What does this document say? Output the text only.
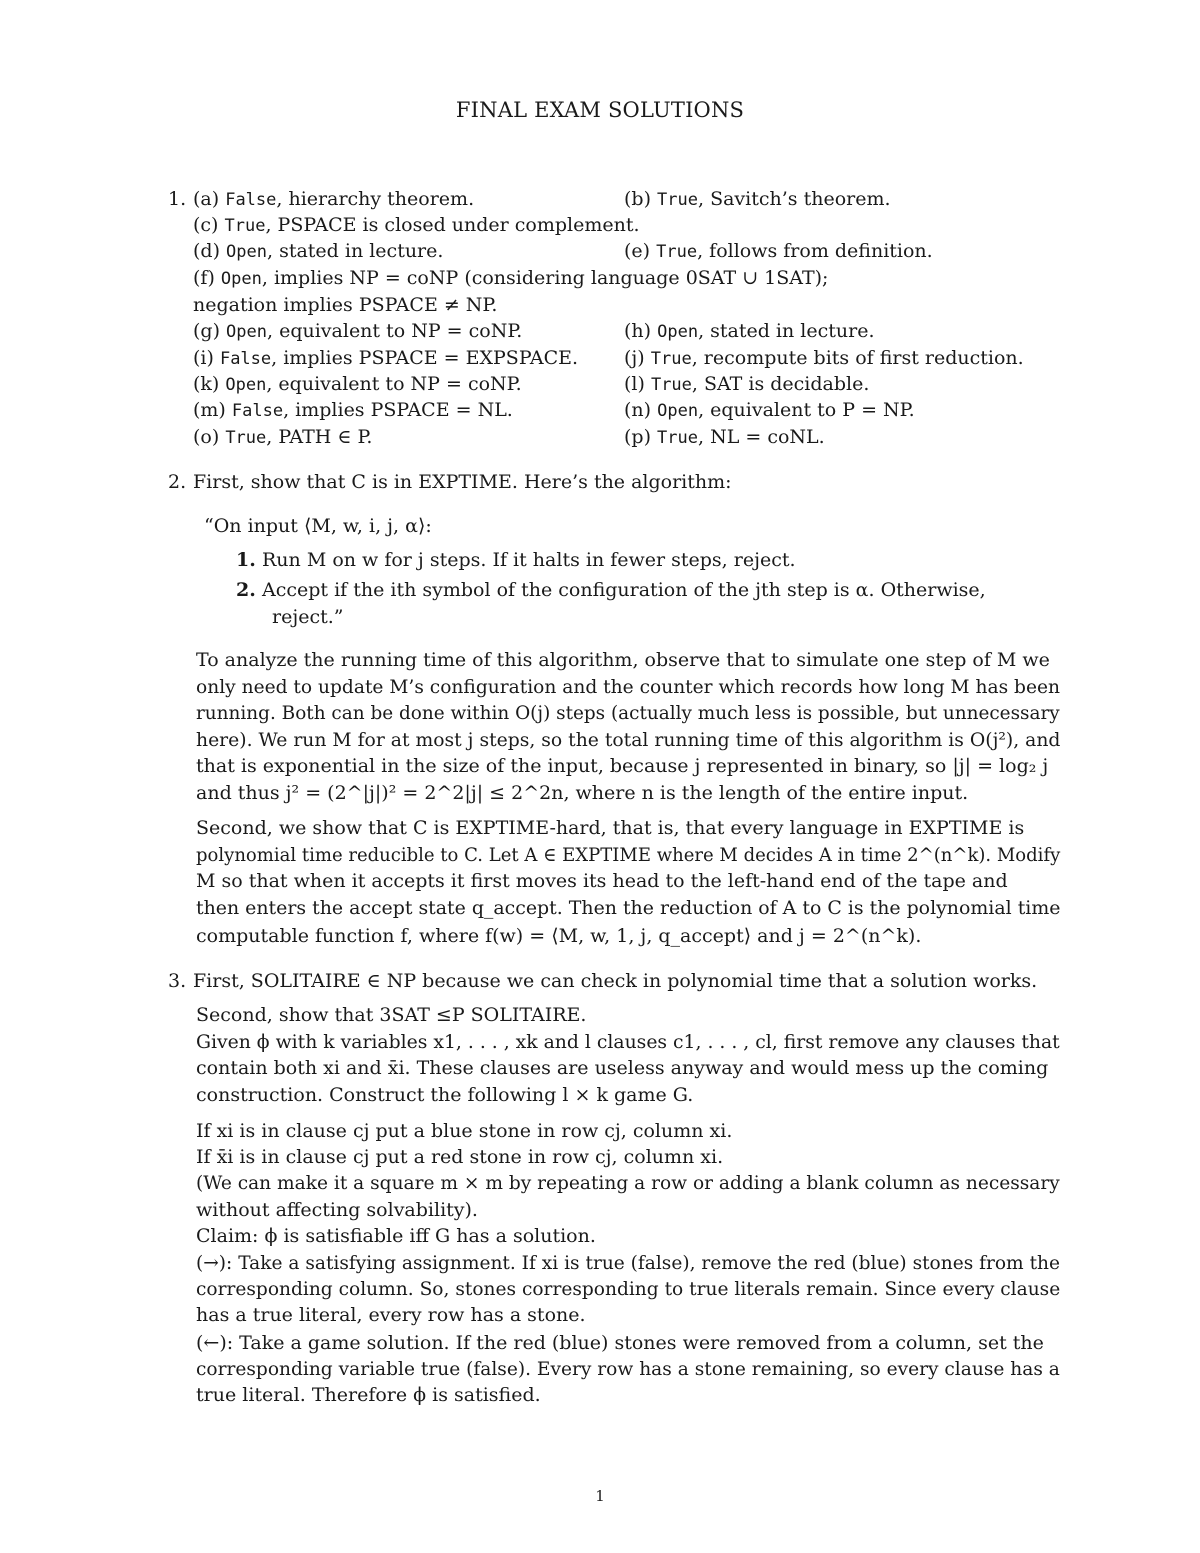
FINAL EXAM SOLUTIONS
1. (a) False, hierarchy theorem.	(b) True, Savitch’s theorem.
(c) True, PSPACE is closed under complement.
(d) Open, stated in lecture.	(e) True, follows from definition.
(f) Open, implies NP = coNP (considering language 0SAT ∪ 1SAT);
negation implies PSPACE ≠ NP.
(g) Open, equivalent to NP = coNP.	(h) Open, stated in lecture.
(i) False, implies PSPACE = EXPSPACE. (j) True, recompute bits of first reduction.
(k) Open, equivalent to NP = coNP.	(l) True, SAT is decidable.
(m) False, implies PSPACE = NL.	(n) Open, equivalent to P = NP.
(o) True, PATH ∈ P.	(p) True, NL = coNL.
2. First, show that C is in EXPTIME. Here’s the algorithm:
“On input ⟨M, w, i, j, α⟩:
1. Run M on w for j steps. If it halts in fewer steps, reject.
2. Accept if the ith symbol of the configuration of the jth step is α. Otherwise,
reject.”
To analyze the running time of this algorithm, observe that to simulate one step of M we
only need to update M’s configuration and the counter which records how long M has been
running. Both can be done within O(j) steps (actually much less is possible, but unnecessary
here). We run M for at most j steps, so the total running time of this algorithm is O(j²), and
that is exponential in the size of the input, because j represented in binary, so |j| = log₂ j
and thus j² = (2^|j|)² = 2^2|j| ≤ 2^2n, where n is the length of the entire input.
Second, we show that C is EXPTIME-hard, that is, that every language in EXPTIME is
polynomial time reducible to C. Let A ∈ EXPTIME where M decides A in time 2^(n^k). Modify
M so that when it accepts it first moves its head to the left-hand end of the tape and
then enters the accept state q_accept. Then the reduction of A to C is the polynomial time
computable function f, where f(w) = ⟨M, w, 1, j, q_accept⟩ and j = 2^(n^k).
3. First, SOLITAIRE ∈ NP because we can check in polynomial time that a solution works.
Second, show that 3SAT ≤P SOLITAIRE.
Given ϕ with k variables x1, . . . , xk and l clauses c1, . . . , cl, first remove any clauses that
contain both xi and x̄i. These clauses are useless anyway and would mess up the coming
construction. Construct the following l × k game G.
If xi is in clause cj put a blue stone in row cj, column xi.
If x̄i is in clause cj put a red stone in row cj, column xi.
(We can make it a square m × m by repeating a row or adding a blank column as necessary
without affecting solvability).
Claim: ϕ is satisfiable iff G has a solution.
(→): Take a satisfying assignment. If xi is true (false), remove the red (blue) stones from the
corresponding column. So, stones corresponding to true literals remain. Since every clause
has a true literal, every row has a stone.
(←): Take a game solution. If the red (blue) stones were removed from a column, set the
corresponding variable true (false). Every row has a stone remaining, so every clause has a
true literal. Therefore ϕ is satisfied.
1
